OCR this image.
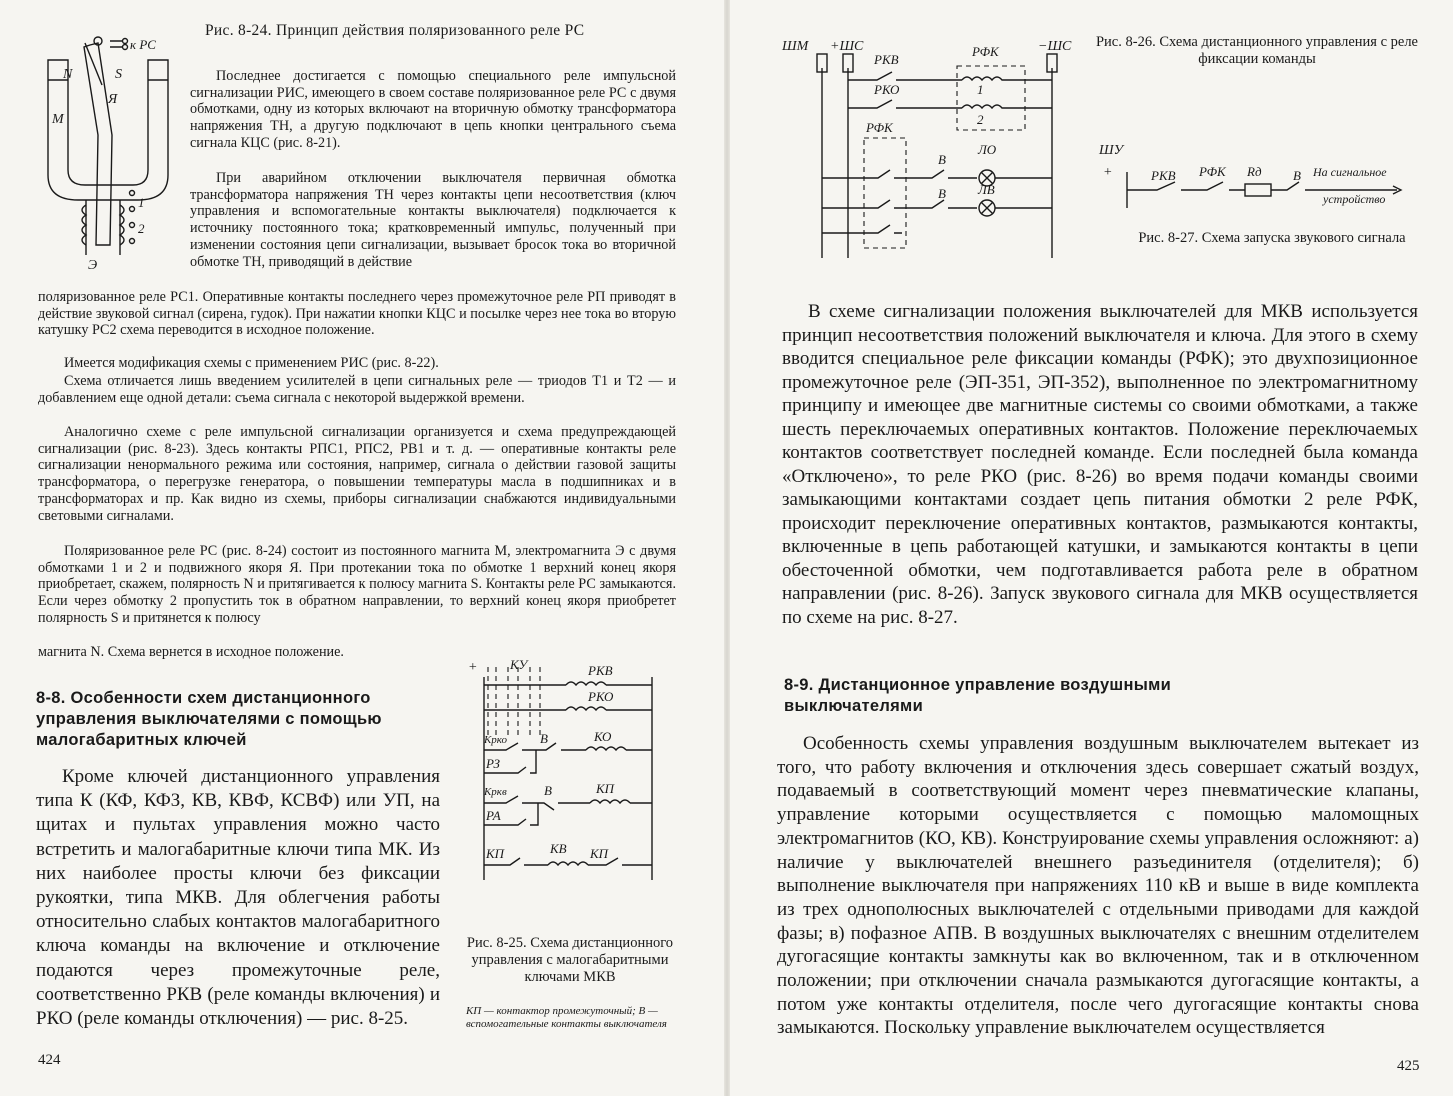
к РС
N	S
Я
М
Э
1
2

Рис. 8-24. Принцип действия поляризованного реле РС

Последнее достигается с помощью специального реле импульсной сигнализации РИС, имеющего в своем составе поляризованное реле РС с двумя обмотками, одну из которых включают на вторичную обмотку трансформатора напряжения ТН, а другую подключают в цепь кнопки центрального съема сигнала КЦС (рис. 8-21).

При аварийном отключении выключателя первичная обмотка трансформатора напряжения ТН через контакты цепи несоответствия (ключ управления и вспомогательные контакты выключателя) подключается к источнику постоянного тока; кратковременный импульс, полученный при изменении состояния цепи сигнализации, вызывает бросок тока во вторичной обмотке ТН, приводящий в действие

поляризованное реле РС1. Оперативные контакты последнего через промежуточное реле РП приводят в действие звуковой сигнал (сирена, гудок). При нажатии кнопки КЦС и посылке через нее тока во вторую катушку РС2 схема переводится в исходное положение.

Имеется модификация схемы с применением РИС (рис. 8-22).

Схема отличается лишь введением усилителей в цепи сигнальных реле — триодов Т1 и Т2 — и добавлением еще одной детали: съема сигнала с некоторой выдержкой времени.

Аналогично схеме с реле импульсной сигнализации организуется и схема предупреждающей сигнализации (рис. 8-23). Здесь контакты РПС1, РПС2, РВ1 и т. д. — оперативные контакты реле сигнализации ненормального режима или состояния, например, сигнала о действии газовой защиты трансформатора, о перегрузке генератора, о повышении температуры масла в подшипниках и в трансформаторах и пр. Как видно из схемы, приборы сигнализации снабжаются индивидуальными световыми сигналами.

Поляризованное реле РС (рис. 8-24) состоит из постоянного магнита М, электромагнита Э с двумя обмотками 1 и 2 и подвижного якоря Я. При протекании тока по обмотке 1 верхний конец якоря приобретает, скажем, полярность N и притягивается к полюсу магнита S. Контакты реле РС замыкаются. Если через обмотку 2 пропустить ток в обратном направлении, то верхний конец якоря приобретет полярность S и притянется к полюсу

магнита N. Схема вернется в исходное положение.

8-8. Особенности схем дистанционного управления выключателями с помощью малогабаритных ключей

Кроме ключей дистанционного управления типа К (КФ, КФЗ, КВ, КВФ, КСВФ) или УП, на щитах и пультах управления можно часто встретить и малогабаритные ключи типа МК. Из них наиболее просты ключи без фиксации рукоятки, типа МКВ. Для облегчения работы относительно слабых контактов малогабаритного ключа команды на включение и отключение подаются через промежуточные реле, соответственно РКВ (реле команды включения) и РКО (реле команды отключения) — рис. 8-25.

+	КУ	РКВ
РКО
Крко	В	КО
РЗ
Кркв	В	КП
РА
КП	КВ КП

Рис. 8-25. Схема дистанционного управления с малогабаритными ключами МКВ

КП — контактор промежуточный; В — вспомогательные контакты выключателя

424
ШМ +ШС
РКВ
РФК	−ШС
РКО	1
2
РФК
В
ЛО
В ЛВ

Рис. 8-26. Схема дистанционного управления с реле фиксации команды

ШУ
+	РКВ РФК Rд В На сигнальное
устройство

Рис. 8-27. Схема запуска звукового сигнала

В схеме сигнализации положения выключателей для МКВ используется принцип несоответствия положений выключателя и ключа. Для этого в схему вводится специальное реле фиксации команды (РФК); это двухпозиционное промежуточное реле (ЭП-351, ЭП-352), выполненное по электромагнитному принципу и имеющее две магнитные системы со своими обмотками, а также шесть переключаемых оперативных контактов. Положение переключаемых контактов соответствует последней команде. Если последней была команда «Отключено», то реле РКО (рис. 8-26) во время подачи команды своими замыкающими контактами создает цепь питания обмотки 2 реле РФК, происходит переключение оперативных контактов, размыкаются контакты, включенные в цепь работающей катушки, и замыкаются контакты в цепи обесточенной обмотки, чем подготавливается работа реле в обратном направлении (рис. 8-26). Запуск звукового сигнала для МКВ осуществляется по схеме на рис. 8-27.

8-9. Дистанционное управление воздушными выключателями

Особенность схемы управления воздушным выключателем вытекает из того, что работу включения и отключения здесь совершает сжатый воздух, подаваемый в соответствующий момент через пневматические клапаны, управление которыми осуществляется с помощью маломощных электромагнитов (КО, КВ). Конструирование схемы управления осложняют: а) наличие у выключателей внешнего разъединителя (отделителя); б) выполнение выключателя при напряжениях 110 кВ и выше в виде комплекта из трех однополюсных выключателей с отдельными приводами для каждой фазы; в) пофазное АПВ. В воздушных выключателях с внешним отделителем дугогасящие контакты замкнуты как во включенном, так и в отключенном положении; при отключении сначала размыкаются дугогасящие контакты, а потом уже контакты отделителя, после чего дугогасящие контакты снова замыкаются. Поскольку управление выключателем осуществляется

425
